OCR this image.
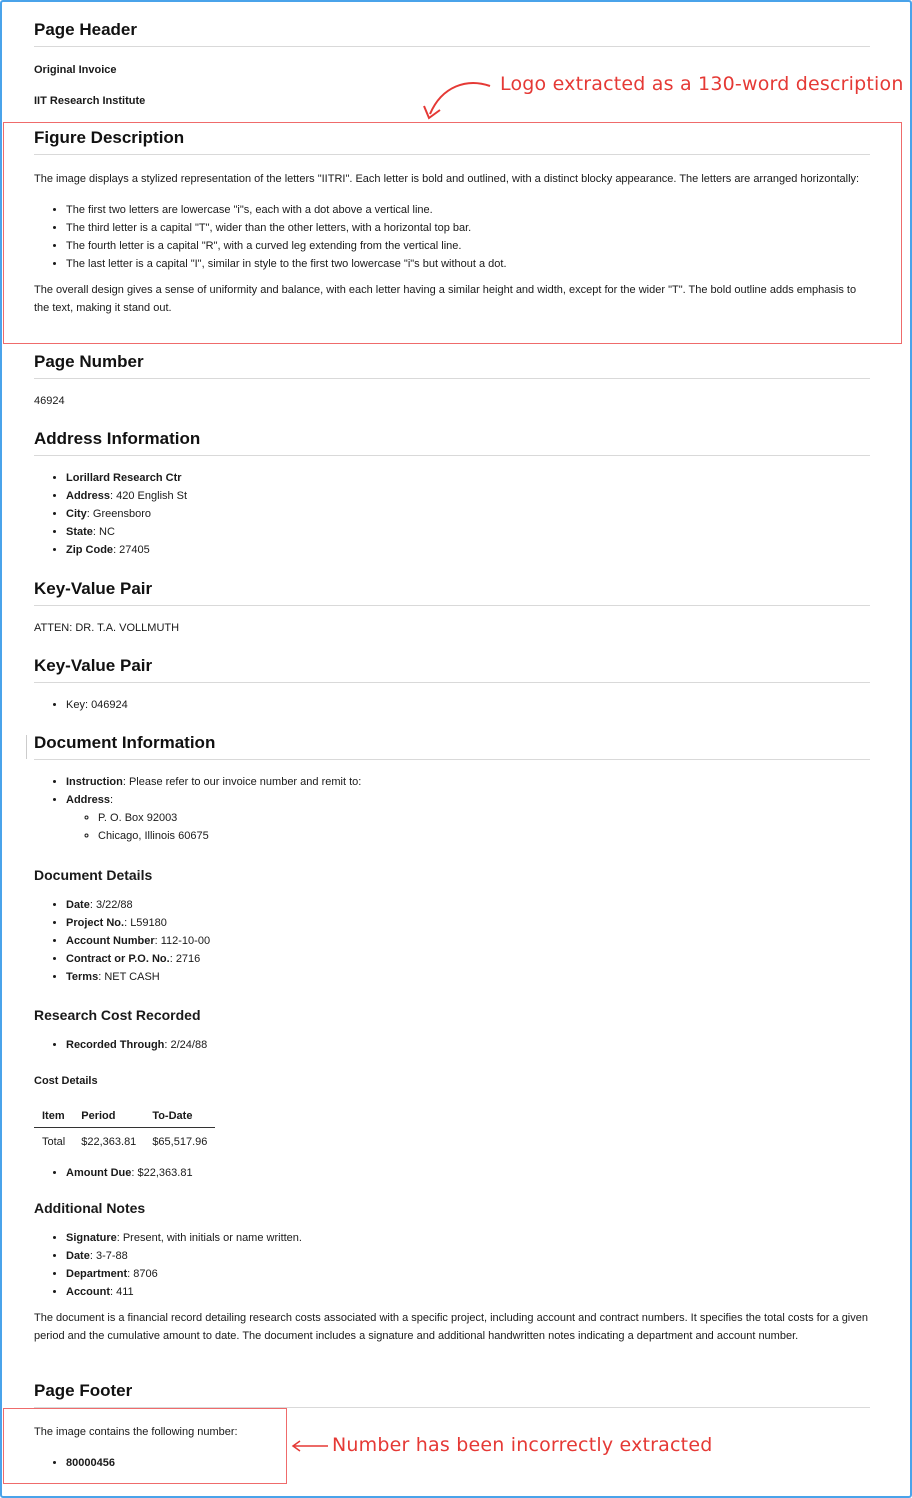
Page Header

Original Invoice

IIT Research Institute

Figure Description

The image displays a stylized representation of the letters "IITRI". Each letter is bold and outlined, with a distinct blocky appearance. The letters are arranged horizontally:

• The first two letters are lowercase "i"s, each with a dot above a vertical line.
• The third letter is a capital "T", wider than the other letters, with a horizontal top bar.
• The fourth letter is a capital "R", with a curved leg extending from the vertical line.
• The last letter is a capital "I", similar in style to the first two lowercase "i"s but without a dot.

The overall design gives a sense of uniformity and balance, with each letter having a similar height and width, except for the wider "T". The bold outline adds emphasis to the text, making it stand out.

Page Number

46924

Address Information
• Lorillard Research Ctr
• Address: 420 English St
• City: Greensboro
• State: NC
• Zip Code: 27405
Key-Value Pair

ATTEN: DR. T.A. VOLLMUTH

Key-Value Pair
• Key: 046924
Document Information
• Instruction: Please refer to our invoice number and remit to:
• Address:
◦ P. O. Box 92003
◦ Chicago, Illinois 60675
Document Details
• Date: 3/22/88
• Project No.: L59180
• Account Number: 112-10-00
• Contract or P.O. No.: 2716
• Terms: NET CASH
Research Cost Recorded
• Recorded Through: 2/24/88
Cost Details
Item	Period	To-Date
Total	$22,363.81	$65,517.96
• Amount Due: $22,363.81
Additional Notes
• Signature: Present, with initials or name written.
• Date: 3-7-88
• Department: 8706
• Account: 411

The document is a financial record detailing research costs associated with a specific project, including account and contract numbers. It specifies the total costs for a given period and the cumulative amount to date. The document includes a signature and additional handwritten notes indicating a department and account number.

Page Footer

The image contains the following number:

• 80000456
Logo extracted as a 130-word description
Number has been incorrectly extracted
